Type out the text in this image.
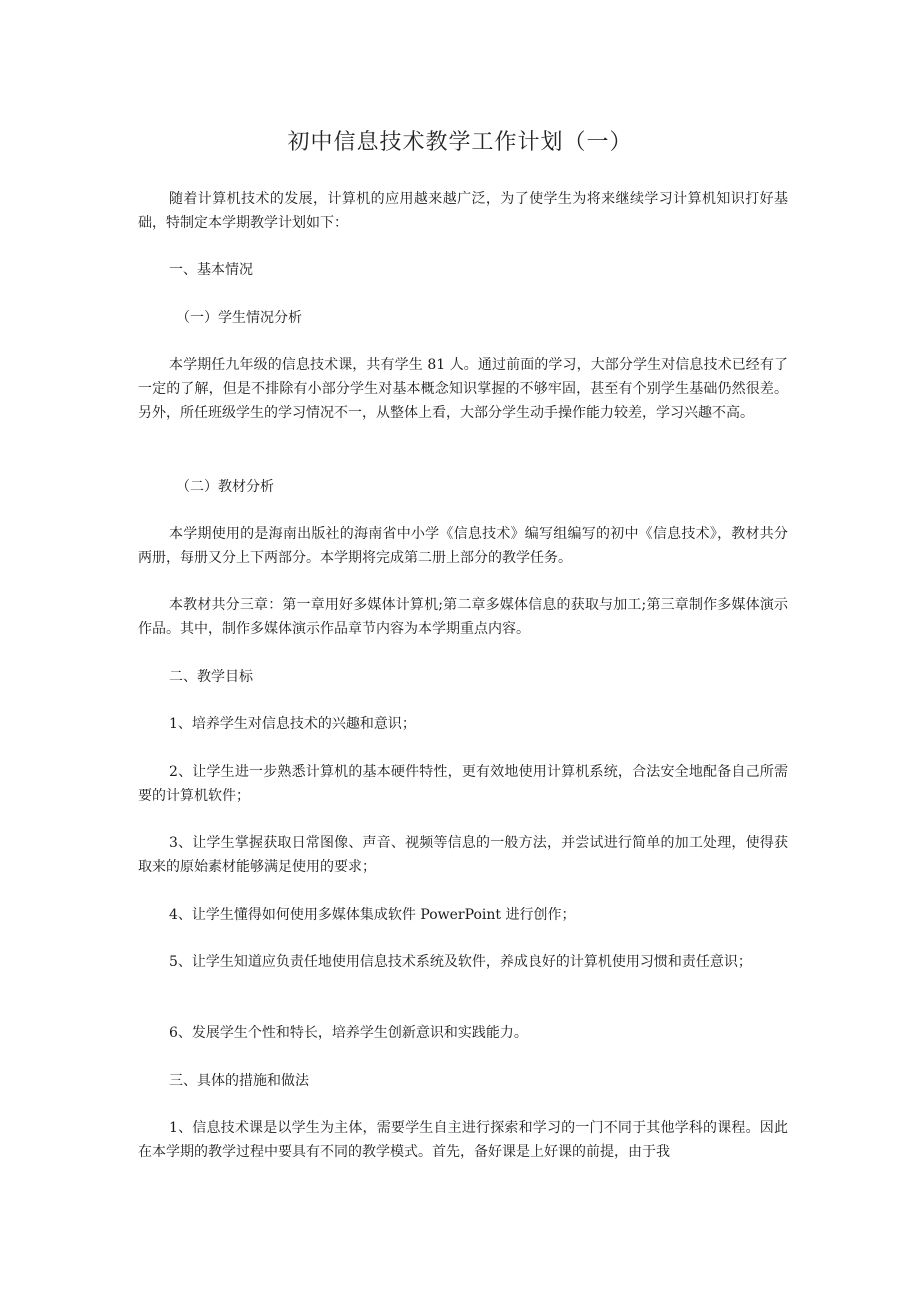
初中信息技术教学工作计划（一）

随着计算机技术的发展，计算机的应用越来越广泛，为了使学生为将来继续学习计算机知识打好基础，特制定本学期教学计划如下：

一、基本情况

（一）学生情况分析

本学期任九年级的信息技术课，共有学生 81 人。通过前面的学习，大部分学生对信息技术已经有了一定的了解，但是不排除有小部分学生对基本概念知识掌握的不够牢固，甚至有个别学生基础仍然很差。另外，所任班级学生的学习情况不一，从整体上看，大部分学生动手操作能力较差，学习兴趣不高。

（二）教材分析

本学期使用的是海南出版社的海南省中小学《信息技术》编写组编写的初中《信息技术》，教材共分两册，每册又分上下两部分。本学期将完成第二册上部分的教学任务。

本教材共分三章：第一章用好多媒体计算机;第二章多媒体信息的获取与加工;第三章制作多媒体演示作品。其中，制作多媒体演示作品章节内容为本学期重点内容。

二、教学目标

1、培养学生对信息技术的兴趣和意识；

2、让学生进一步熟悉计算机的基本硬件特性，更有效地使用计算机系统，合法安全地配备自己所需要的计算机软件；

3、让学生掌握获取日常图像、声音、视频等信息的一般方法，并尝试进行简单的加工处理，使得获取来的原始素材能够满足使用的要求；

4、让学生懂得如何使用多媒体集成软件 PowerPoint 进行创作；

5、让学生知道应负责任地使用信息技术系统及软件，养成良好的计算机使用习惯和责任意识；

6、发展学生个性和特长，培养学生创新意识和实践能力。

三、具体的措施和做法

1、信息技术课是以学生为主体，需要学生自主进行探索和学习的一门不同于其他学科的课程。因此在本学期的教学过程中要具有不同的教学模式。首先，备好课是上好课的前提，由于我
